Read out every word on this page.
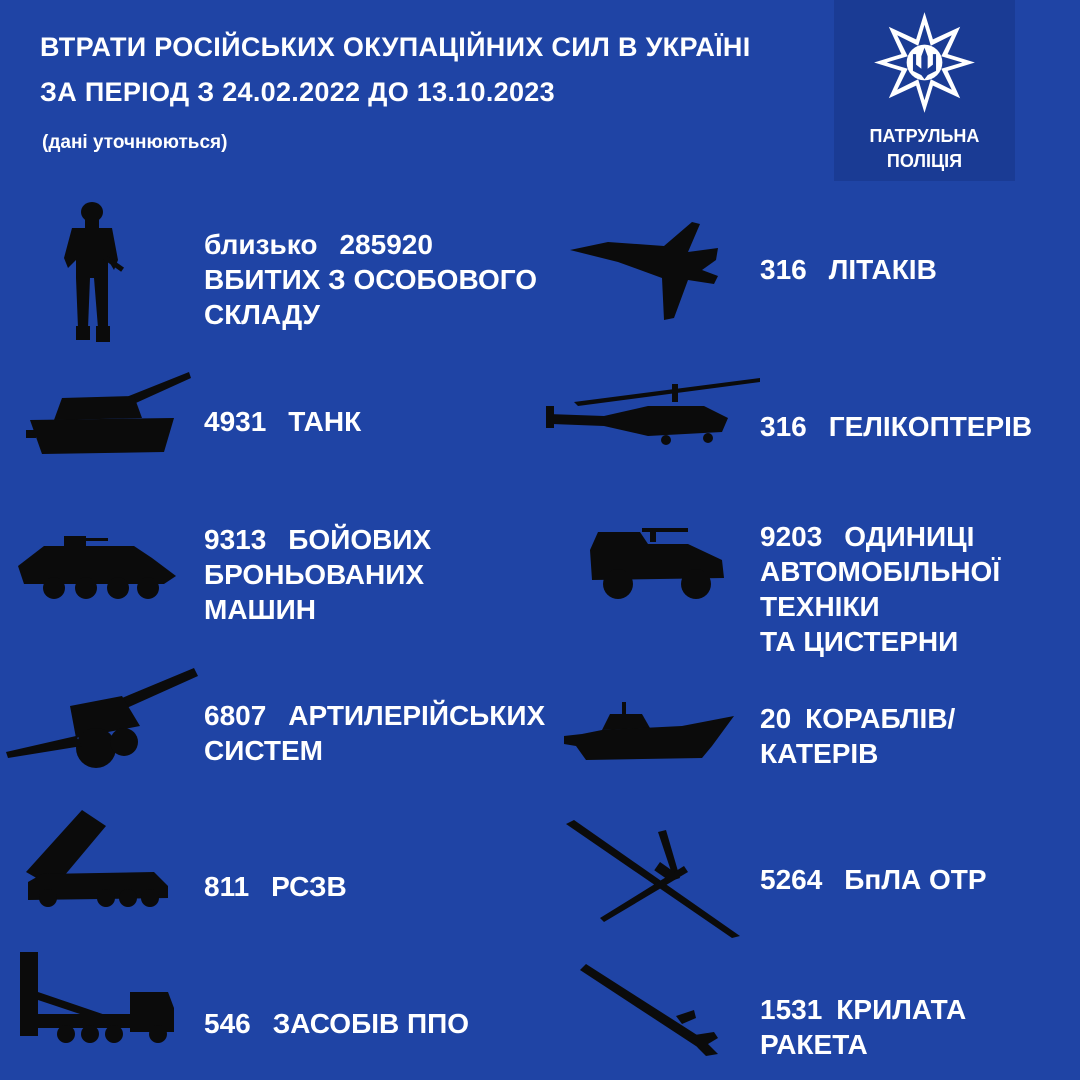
ВТРАТИ РОСІЙСЬКИХ ОКУПАЦІЙНИХ СИЛ В УКРАЇНІ
ЗА ПЕРІОД З 24.02.2022 ДО 13.10.2023
(дані уточнюються)	ПАТРУЛЬНА
ПОЛІЦІЯ
близько 285920
ВБИТИХ З ОСОБОВОГО
СКЛАДУ
4931 ТАНК
9313 БОЙОВИХ
БРОНЬОВАНИХ
МАШИН
6807 АРТИЛЕРІЙСЬКИХ
СИСТЕМ
811 РСЗВ
546 ЗАСОБІВ ППО
316 ЛІТАКІВ
316 ГЕЛІКОПТЕРІВ
9203 ОДИНИЦІ
АВТОМОБІЛЬНОЇ
ТЕХНІКИ
ТА ЦИСТЕРНИ
20 КОРАБЛІВ/
КАТЕРІВ
5264 БпЛА ОТР
1531 КРИЛАТА
РАКЕТА
